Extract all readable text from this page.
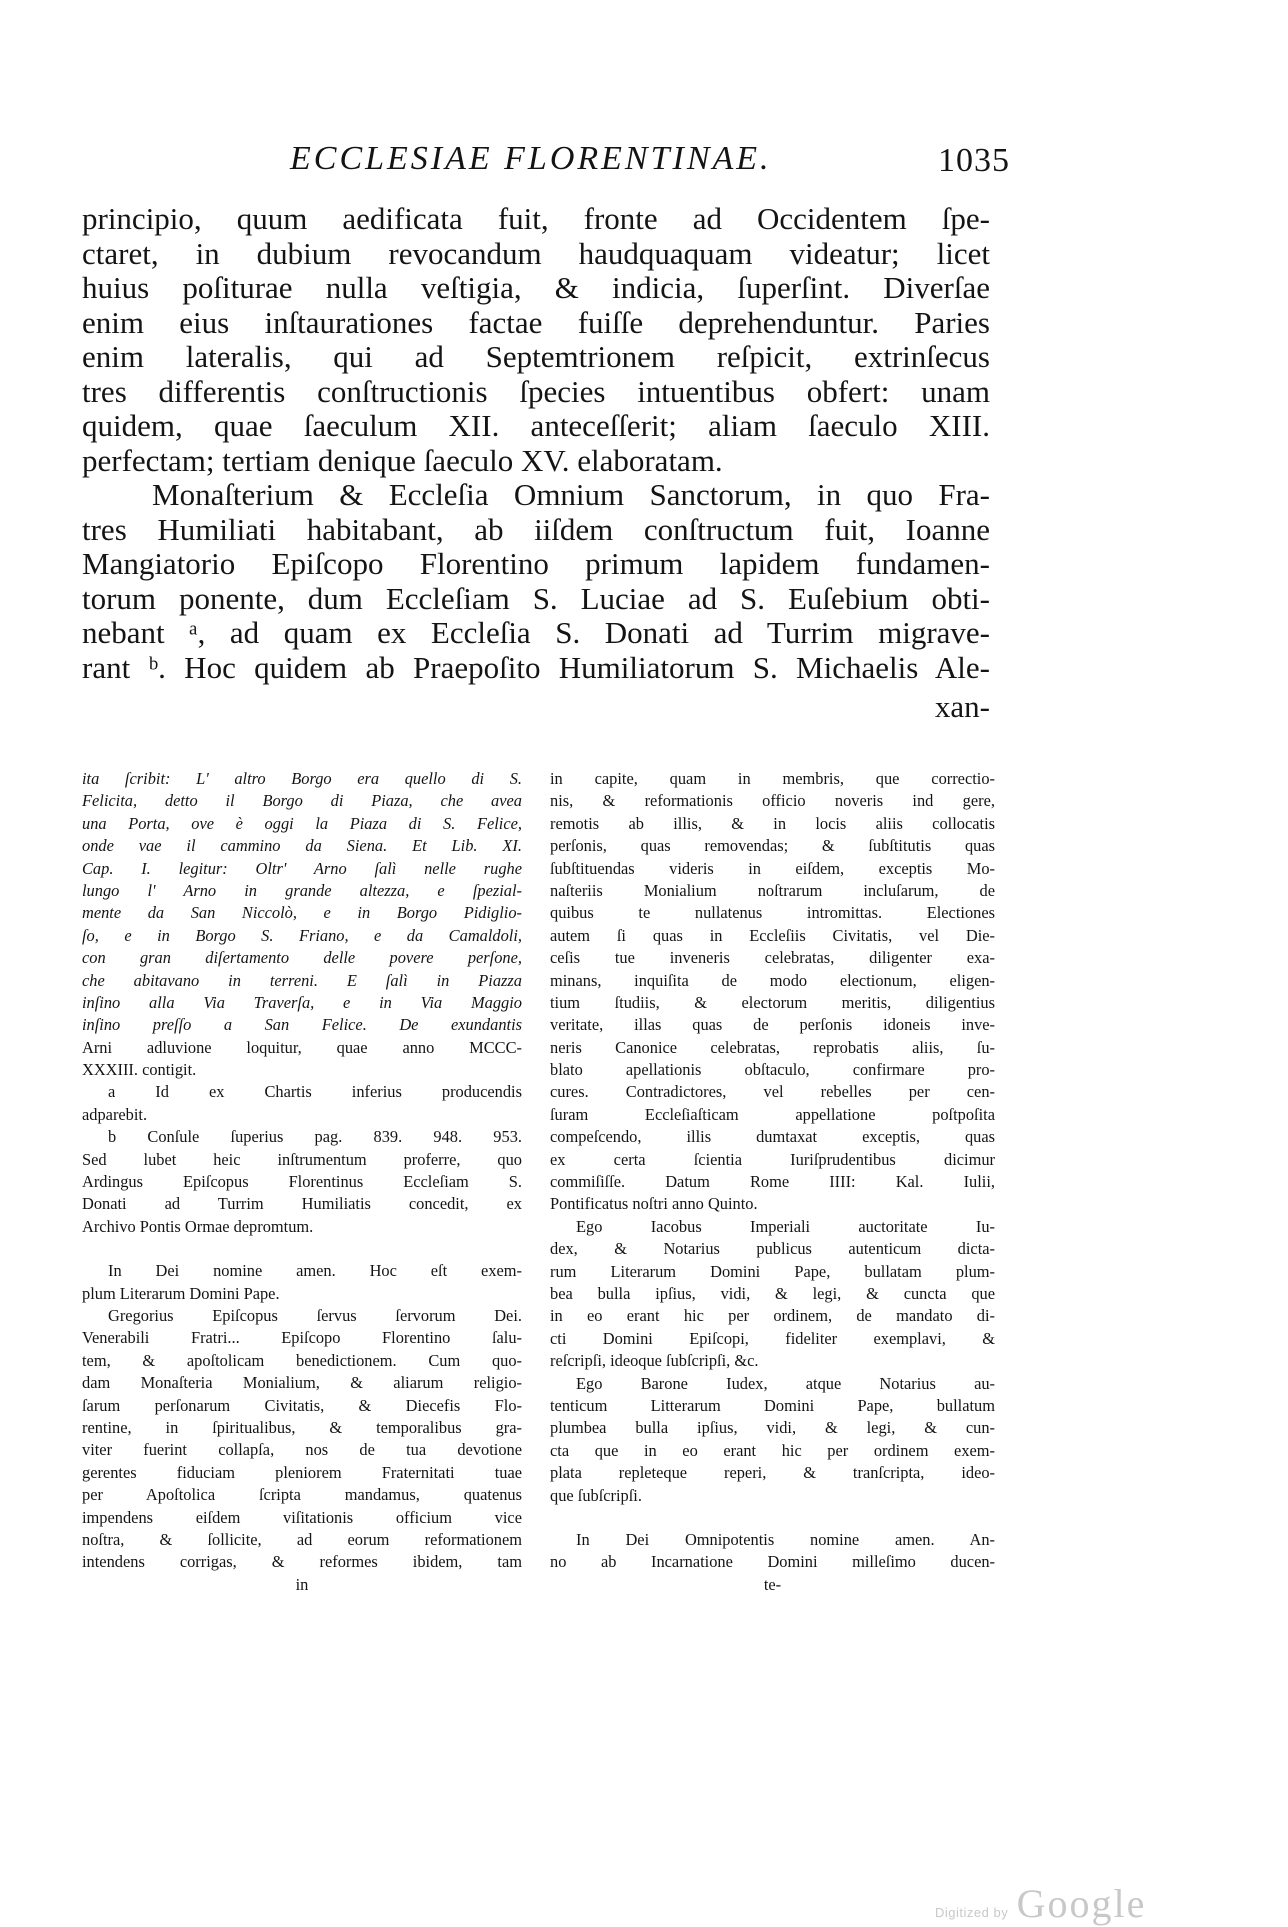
ECCLESIAE FLORENTINAE.	1035
principio, quum aedificata fuit, fronte ad Occidentem ſpe-
ctaret, in dubium revocandum haudquaquam videatur; licet
huius poſiturae nulla veſtigia, & indicia, ſuperſint. Diverſae
enim eius inſtaurationes factae fuiſſe deprehenduntur. Paries
enim lateralis, qui ad Septemtrionem reſpicit, extrinſecus
tres differentis conſtructionis ſpecies intuentibus obfert: unam
quidem, quae ſaeculum XII. anteceſſerit; aliam ſaeculo XIII.
perfectam; tertiam denique ſaeculo XV. elaboratam.
Monaſterium & Eccleſia Omnium Sanctorum, in quo Fra-
tres Humiliati habitabant, ab iiſdem conſtructum fuit, Ioanne
Mangiatorio Epiſcopo Florentino primum lapidem fundamen-
torum ponente, dum Eccleſiam S. Luciae ad S. Euſebium obti-
nebant ᵃ, ad quam ex Eccleſia S. Donati ad Turrim migrave-
rant ᵇ. Hoc quidem ab Praepoſito Humiliatorum S. Michaelis Ale-
xan-
ita ſcribit: L' altro Borgo era quello di S.
Felicita, detto il Borgo di Piaza, che avea
una Porta, ove è oggi la Piaza di S. Felice,
onde vae il cammino da Siena. Et Lib. XI.
Cap. I. legitur: Oltr' Arno ſalì nelle rughe
lungo l' Arno in grande altezza, e ſpezial-
mente da San Niccolò, e in Borgo Pidiglio-
ſo, e in Borgo S. Friano, e da Camaldoli,
con gran diſertamento delle povere perſone,
che abitavano in terreni. E ſalì in Piazza
inſino alla Via Traverſa, e in Via Maggio
inſino preſſo a San Felice. De exundantis
Arni adluvione loquitur, quae anno MCCC-
XXXIII. contigit.
a Id ex Chartis inferius producendis
adparebit.
b Conſule ſuperius pag. 839. 948. 953.
Sed lubet heic inſtrumentum proferre, quo
Ardingus Epiſcopus Florentinus Eccleſiam S.
Donati ad Turrim Humiliatis concedit, ex
Archivo Pontis Ormae depromtum.
In Dei nomine amen. Hoc eſt exem-
plum Literarum Domini Pape.
Gregorius Epiſcopus ſervus ſervorum Dei.
Venerabili Fratri... Epiſcopo Florentino ſalu-
tem, & apoſtolicam benedictionem. Cum quo-
dam Monaſteria Monialium, & aliarum religio-
ſarum perſonarum Civitatis, & Diecefis Flo-
rentine, in ſpiritualibus, & temporalibus gra-
viter fuerint collapſa, nos de tua devotione
gerentes fiduciam pleniorem Fraternitati tuae
per Apoſtolica ſcripta mandamus, quatenus
impendens eiſdem viſitationis officium vice
noſtra, & ſollicite, ad eorum reformationem
intendens corrigas, & reformes ibidem, tam
in
in capite, quam in membris, que correctio-
nis, & reformationis officio noveris ind gere,
remotis ab illis, & in locis aliis collocatis
perſonis, quas removendas; & ſubſtitutis quas
ſubſtituendas videris in eiſdem, exceptis Mo-
naſteriis Monialium noſtrarum incluſarum, de
quibus te nullatenus intromittas. Electiones
autem ſi quas in Eccleſiis Civitatis, vel Die-
ceſis tue inveneris celebratas, diligenter exa-
minans, inquiſita de modo electionum, eligen-
tium ſtudiis, & electorum meritis, diligentius
veritate, illas quas de perſonis idoneis inve-
neris Canonice celebratas, reprobatis aliis, ſu-
blato apellationis obſtaculo, confirmare pro-
cures. Contradictores, vel rebelles per cen-
ſuram Eccleſiaſticam appellatione poſtpoſita
compeſcendo, illis dumtaxat exceptis, quas
ex certa ſcientia Iuriſprudentibus dicimur
commiſiſſe. Datum Rome IIII: Kal. Iulii,
Pontificatus noſtri anno Quinto.
Ego Iacobus Imperiali auctoritate Iu-
dex, & Notarius publicus autenticum dicta-
rum Literarum Domini Pape, bullatam plum-
bea bulla ipſius, vidi, & legi, & cuncta que
in eo erant hic per ordinem, de mandato di-
cti Domini Epiſcopi, fideliter exemplavi, &
reſcripſi, ideoque ſubſcripſi, &c.
Ego Barone Iudex, atque Notarius au-
tenticum Litterarum Domini Pape, bullatum
plumbea bulla ipſius, vidi, & legi, & cun-
cta que in eo erant hic per ordinem exem-
plata repleteque reperi, & tranſcripta, ideo-
que ſubſcripſi.
In Dei Omnipotentis nomine amen. An-
no ab Incarnatione Domini milleſimo ducen-
te-
Digitized by Google
